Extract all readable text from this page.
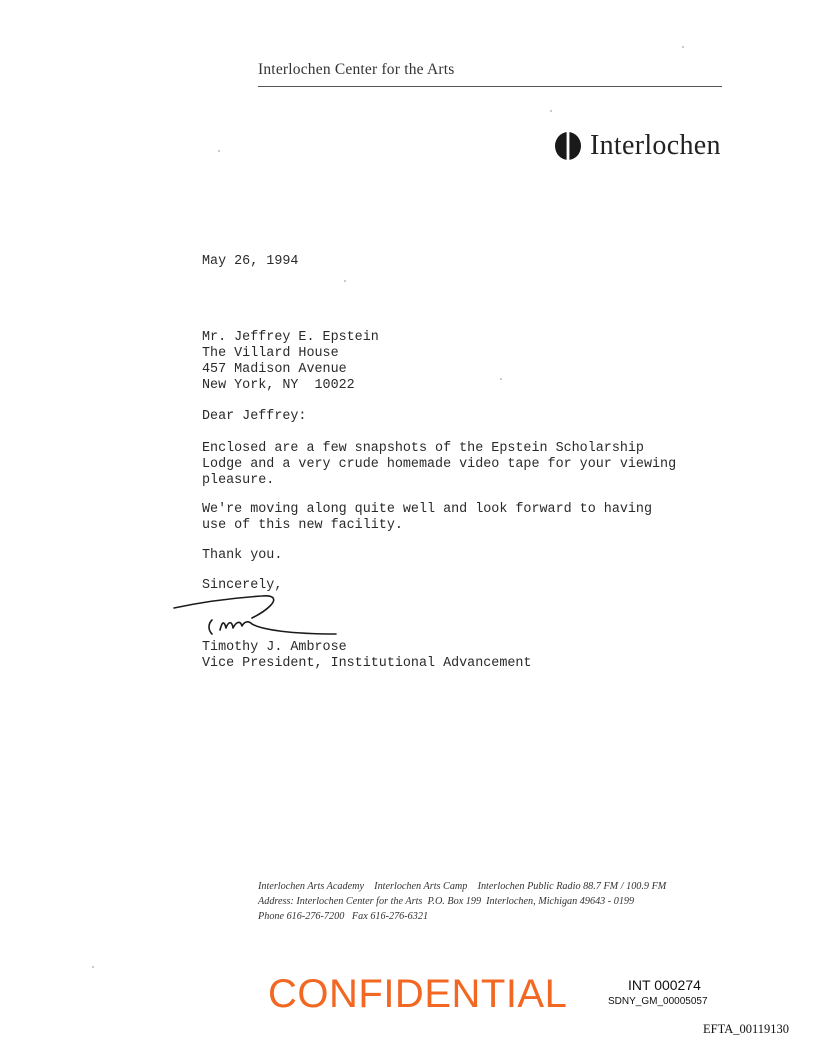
Interlochen Center for the Arts
Interlochen
May 26, 1994
Mr. Jeffrey E. Epstein
The Villard House
457 Madison Avenue
New York, NY  10022
Dear Jeffrey:
Enclosed are a few snapshots of the Epstein Scholarship
Lodge and a very crude homemade video tape for your viewing
pleasure.
We're moving along quite well and look forward to having
use of this new facility.
Thank you.
Sincerely,
Timothy J. Ambrose
Vice President, Institutional Advancement
Interlochen Arts Academy    Interlochen Arts Camp    Interlochen Public Radio 88.7 FM / 100.9 FM
Address: Interlochen Center for the Arts  P.O. Box 199  Interlochen, Michigan 49643 - 0199
Phone 616-276-7200   Fax 616-276-6321
CONFIDENTIAL	INT 000274
SDNY_GM_00005057
EFTA_00119130
